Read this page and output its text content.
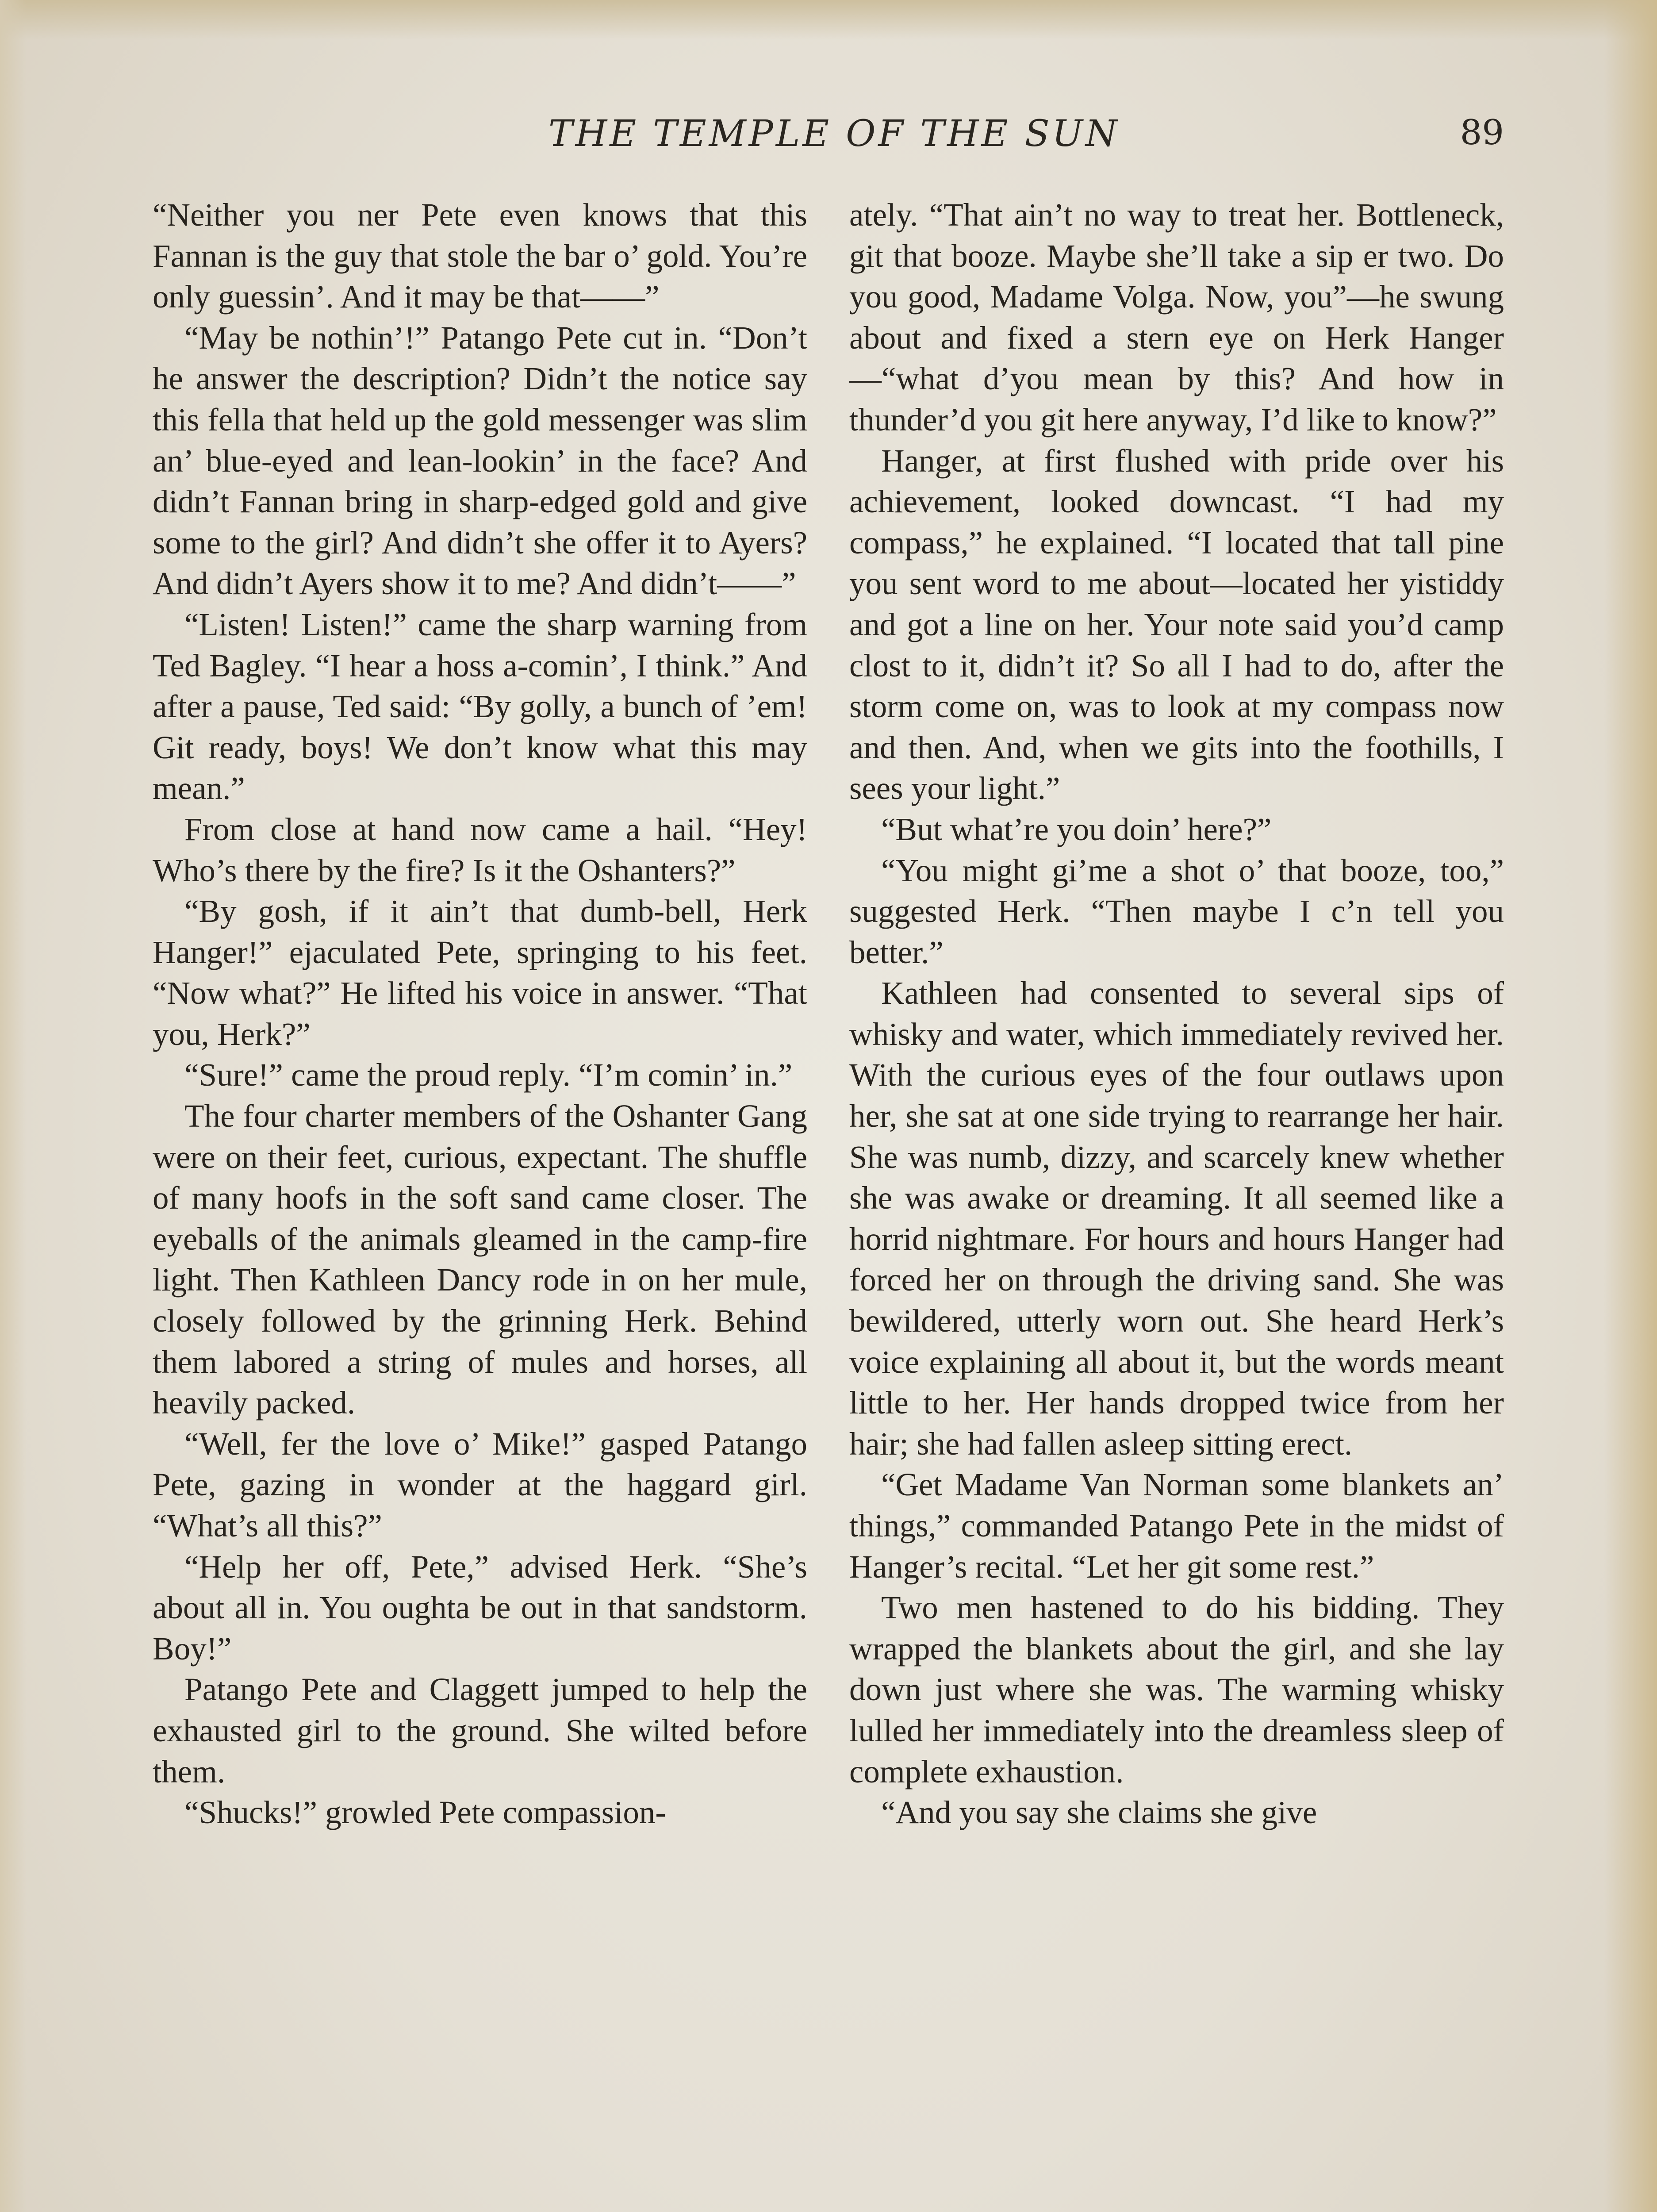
THE TEMPLE OF THE SUN	89

“Neither you ner Pete even knows that this Fannan is the guy that stole the bar o’ gold. You’re only guessin’. And it may be that——”

“May be nothin’!” Patango Pete cut in. “Don’t he answer the description? Didn’t the notice say this fella that held up the gold messenger was slim an’ blue-eyed and lean-lookin’ in the face? And didn’t Fannan bring in sharp-edged gold and give some to the girl? And didn’t she offer it to Ayers? And didn’t Ayers show it to me? And didn’t——”

“Listen! Listen!” came the sharp warning from Ted Bagley. “I hear a hoss a-comin’, I think.” And after a pause, Ted said: “By golly, a bunch of ’em! Git ready, boys! We don’t know what this may mean.”

From close at hand now came a hail. “Hey! Who’s there by the fire? Is it the Oshanters?”

“By gosh, if it ain’t that dumb-bell, Herk Hanger!” ejaculated Pete, springing to his feet. “Now what?” He lifted his voice in answer. “That you, Herk?”

“Sure!” came the proud reply. “I’m comin’ in.”

The four charter members of the Oshanter Gang were on their feet, curious, expectant. The shuffle of many hoofs in the soft sand came closer. The eyeballs of the animals gleamed in the camp-fire light. Then Kathleen Dancy rode in on her mule, closely followed by the grinning Herk. Behind them labored a string of mules and horses, all heavily packed.

“Well, fer the love o’ Mike!” gasped Patango Pete, gazing in wonder at the haggard girl. “What’s all this?”

“Help her off, Pete,” advised Herk. “She’s about all in. You oughta be out in that sandstorm. Boy!”

Patango Pete and Claggett jumped to help the exhausted girl to the ground. She wilted before them.

“Shucks!” growled Pete compassion-

ately. “That ain’t no way to treat her. Bottleneck, git that booze. Maybe she’ll take a sip er two. Do you good, Madame Volga. Now, you”—he swung about and fixed a stern eye on Herk Hanger—“what d’you mean by this? And how in thunder’d you git here anyway, I’d like to know?”

Hanger, at first flushed with pride over his achievement, looked downcast. “I had my compass,” he explained. “I located that tall pine you sent word to me about—located her yistiddy and got a line on her. Your note said you’d camp clost to it, didn’t it? So all I had to do, after the storm come on, was to look at my compass now and then. And, when we gits into the foothills, I sees your light.”

“But what’re you doin’ here?”

“You might gi’me a shot o’ that booze, too,” suggested Herk. “Then maybe I c’n tell you better.”

Kathleen had consented to several sips of whisky and water, which immediately revived her. With the curious eyes of the four outlaws upon her, she sat at one side trying to rearrange her hair. She was numb, dizzy, and scarcely knew whether she was awake or dreaming. It all seemed like a horrid nightmare. For hours and hours Hanger had forced her on through the driving sand. She was bewildered, utterly worn out. She heard Herk’s voice explaining all about it, but the words meant little to her. Her hands dropped twice from her hair; she had fallen asleep sitting erect.

“Get Madame Van Norman some blankets an’ things,” commanded Patango Pete in the midst of Hanger’s recital. “Let her git some rest.”

Two men hastened to do his bidding. They wrapped the blankets about the girl, and she lay down just where she was. The warming whisky lulled her immediately into the dreamless sleep of complete exhaustion.

“And you say she claims she give
